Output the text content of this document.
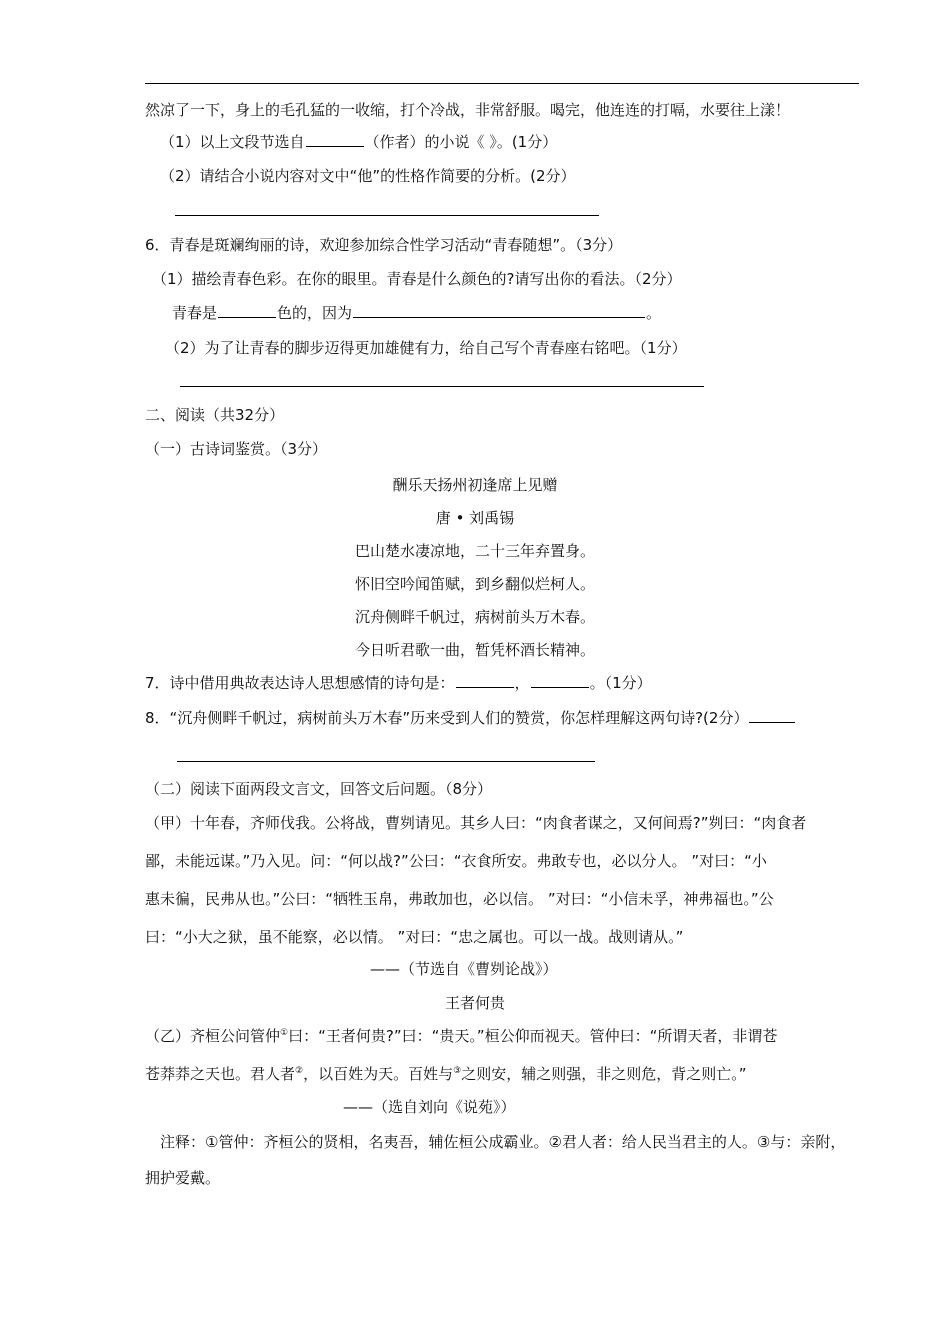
然凉了一下，身上的毛孔猛的一收缩，打个冷战，非常舒服。喝完，他连连的打嗝，水要往上漾！
（1）以上文段节选自	（作者）的小说《 》。(1分）
（2）请结合小说内容对文中“他”的性格作简要的分析。(2分）
6．青春是斑斓绚丽的诗，欢迎参加综合性学习活动“青春随想”。（3分）
（1）描绘青春色彩。在你的眼里。青春是什么颜色的?请写出你的看法。（2分）
青春是	色的，因为	。
（2）为了让青春的脚步迈得更加雄健有力，给自己写个青春座右铭吧。（1分）
二、阅读（共32分）
（一）古诗词鉴赏。（3分）
酬乐天扬州初逢席上见赠
唐 • 刘禹锡
巴山楚水凄凉地，二十三年弃置身。
怀旧空吟闻笛赋，到乡翻似烂柯人。
沉舟侧畔千帆过，病树前头万木春。
今日听君歌一曲，暂凭杯酒长精神。
7．诗中借用典故表达诗人思想感情的诗句是：	，	。（1分）
8．“沉舟侧畔千帆过，病树前头万木春”历来受到人们的赞赏，你怎样理解这两句诗?(2分）
（二）阅读下面两段文言文，回答文后问题。（8分）
（甲）十年春，齐师伐我。公将战，曹刿请见。其乡人曰：“肉食者谋之，又何间焉?”刿曰：“肉食者
鄙，未能远谋。”乃入见。问：“何以战?”公曰：“衣食所安。弗敢专也，必以分人。 ”对曰：“小
惠未徧，民弗从也。”公曰：“牺牲玉帛，弗敢加也，必以信。 ”对曰：“小信未孚，神弗福也。”公
曰：“小大之狱，虽不能察，必以情。 ”对曰：“忠之属也。可以一战。战则请从。”
——（节选自《曹刿论战》）
王者何贵
（乙）齐桓公问管仲①曰：“王者何贵?”曰：“贵天。”桓公仰而视天。管仲曰：“所谓天者，非谓苍
苍莽莽之天也。君人者②，以百姓为天。百姓与③之则安，辅之则强，非之则危，背之则亡。”
——（选自刘向《说苑》）
注释：①管仲：齐桓公的贤相，名夷吾，辅佐桓公成霸业。②君人者：给人民当君主的人。③与：亲附，
拥护爱戴。
